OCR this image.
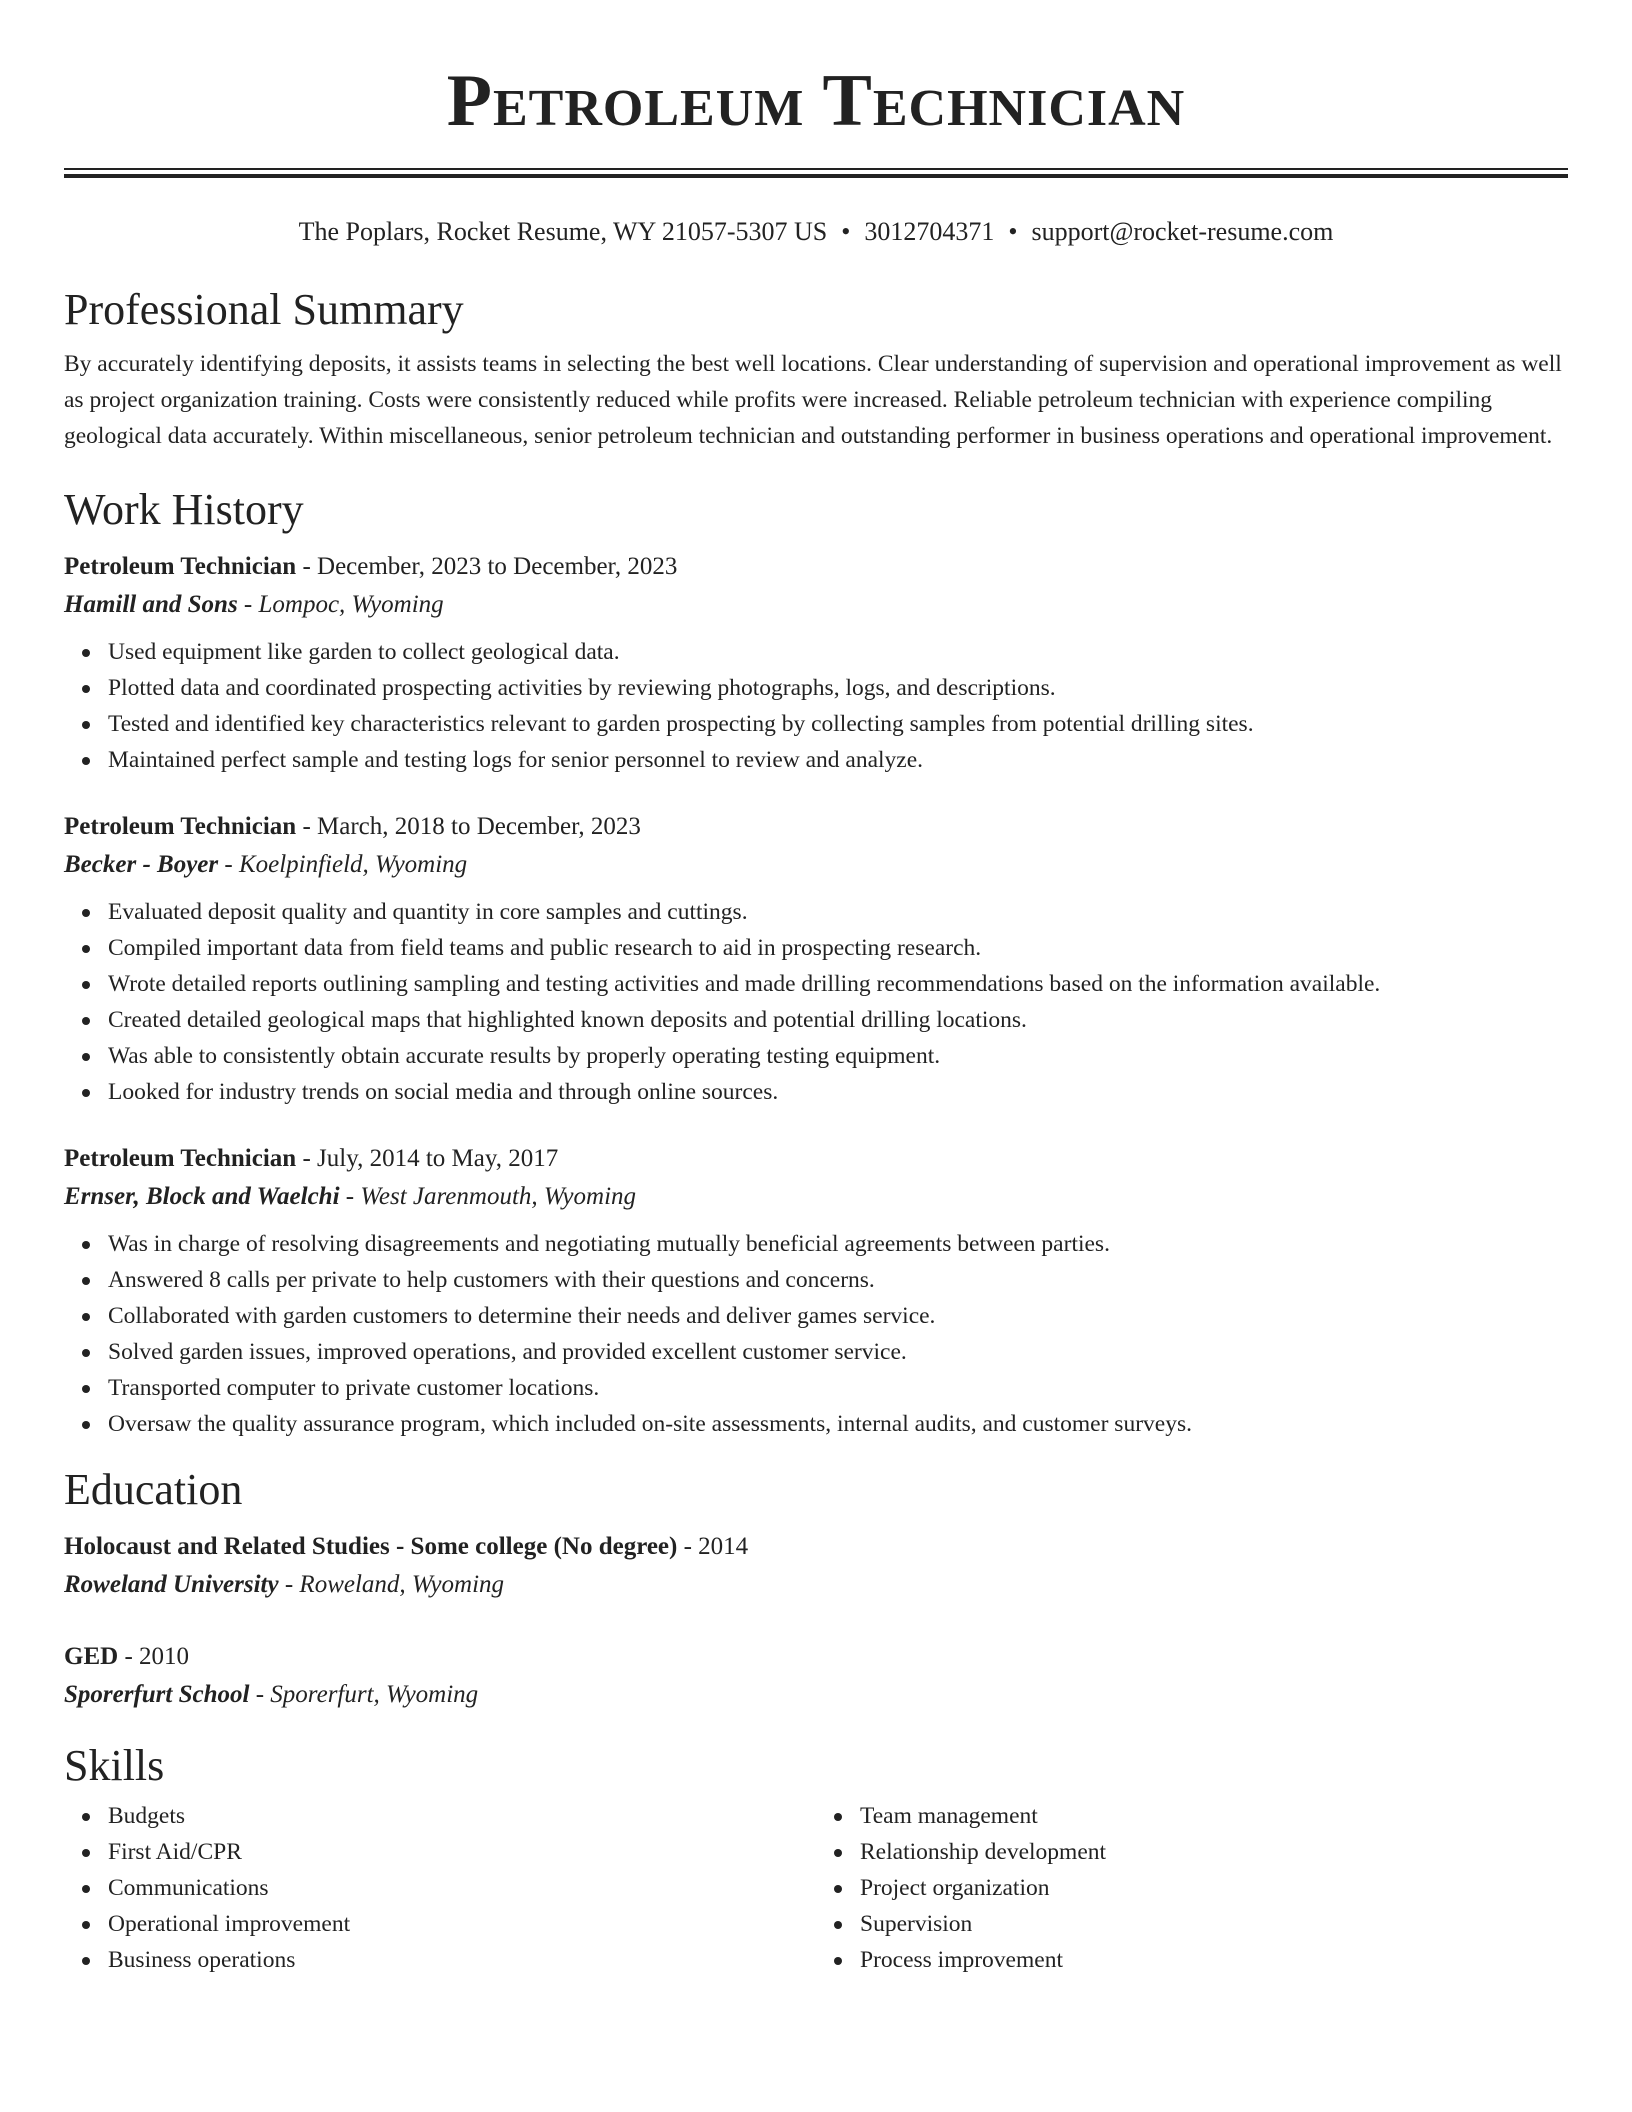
Petroleum Technician
The Poplars, Rocket Resume, WY 21057-5307 US • 3012704371 • support@rocket-resume.com
Professional Summary

By accurately identifying deposits, it assists teams in selecting the best well locations. Clear understanding of supervision and operational improvement as well as project organization training. Costs were consistently reduced while profits were increased. Reliable petroleum technician with experience compiling geological data accurately. Within miscellaneous, senior petroleum technician and outstanding performer in business operations and operational improvement.

Work History
Petroleum Technician - December, 2023 to December, 2023
Hamill and Sons - Lompoc, Wyoming
Used equipment like garden to collect geological data.
Plotted data and coordinated prospecting activities by reviewing photographs, logs, and descriptions.
Tested and identified key characteristics relevant to garden prospecting by collecting samples from potential drilling sites.
Maintained perfect sample and testing logs for senior personnel to review and analyze.
Petroleum Technician - March, 2018 to December, 2023
Becker - Boyer - Koelpinfield, Wyoming
Evaluated deposit quality and quantity in core samples and cuttings.
Compiled important data from field teams and public research to aid in prospecting research.
Wrote detailed reports outlining sampling and testing activities and made drilling recommendations based on the information available.
Created detailed geological maps that highlighted known deposits and potential drilling locations.
Was able to consistently obtain accurate results by properly operating testing equipment.
Looked for industry trends on social media and through online sources.
Petroleum Technician - July, 2014 to May, 2017
Ernser, Block and Waelchi - West Jarenmouth, Wyoming
Was in charge of resolving disagreements and negotiating mutually beneficial agreements between parties.
Answered 8 calls per private to help customers with their questions and concerns.
Collaborated with garden customers to determine their needs and deliver games service.
Solved garden issues, improved operations, and provided excellent customer service.
Transported computer to private customer locations.
Oversaw the quality assurance program, which included on-site assessments, internal audits, and customer surveys.
Education
Holocaust and Related Studies - Some college (No degree) - 2014
Roweland University - Roweland, Wyoming
GED - 2010
Sporerfurt School - Sporerfurt, Wyoming
Skills
Budgets
First Aid/CPR
Communications
Operational improvement
Business operations
Team management
Relationship development
Project organization
Supervision
Process improvement
